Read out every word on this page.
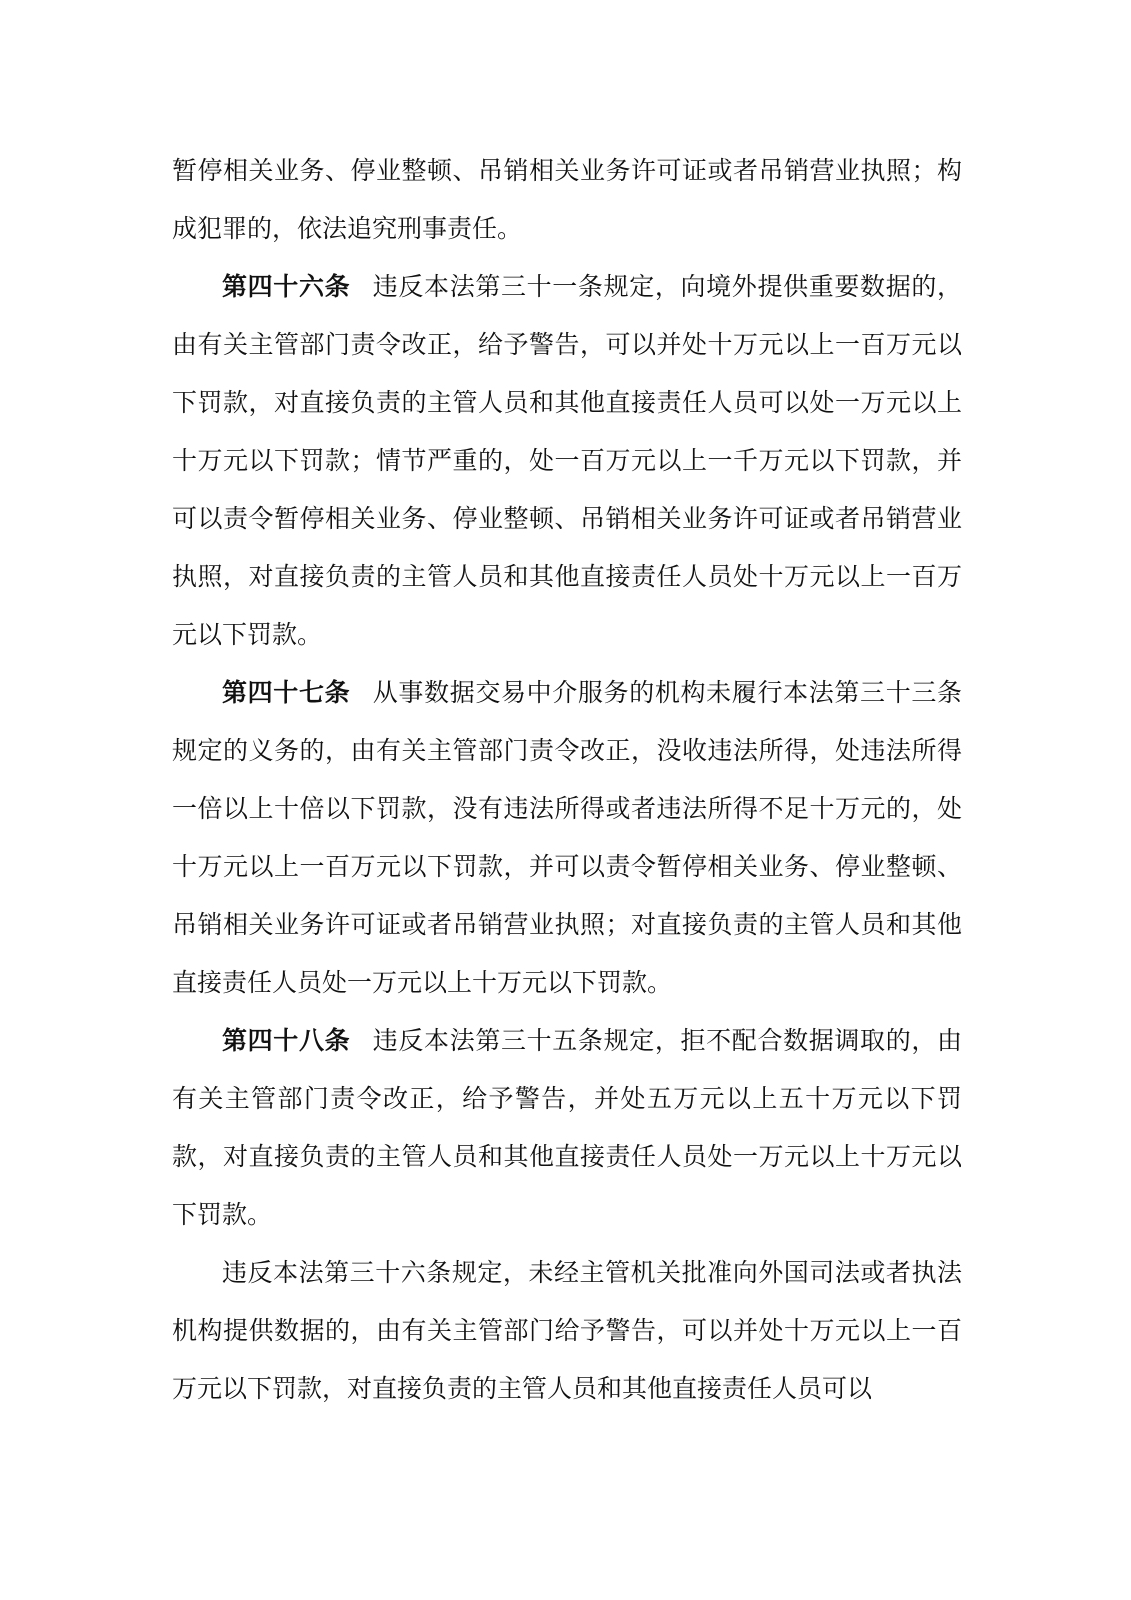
暂停相关业务、停业整顿、吊销相关业务许可证或者吊销营业执照；构成犯罪的，依法追究刑事责任。

第四十六条 违反本法第三十一条规定，向境外提供重要数据的，由有关主管部门责令改正，给予警告，可以并处十万元以上一百万元以下罚款，对直接负责的主管人员和其他直接责任人员可以处一万元以上十万元以下罚款；情节严重的，处一百万元以上一千万元以下罚款，并可以责令暂停相关业务、停业整顿、吊销相关业务许可证或者吊销营业执照，对直接负责的主管人员和其他直接责任人员处十万元以上一百万元以下罚款。

第四十七条 从事数据交易中介服务的机构未履行本法第三十三条规定的义务的，由有关主管部门责令改正，没收违法所得，处违法所得一倍以上十倍以下罚款，没有违法所得或者违法所得不足十万元的，处十万元以上一百万元以下罚款，并可以责令暂停相关业务、停业整顿、吊销相关业务许可证或者吊销营业执照；对直接负责的主管人员和其他直接责任人员处一万元以上十万元以下罚款。

第四十八条 违反本法第三十五条规定，拒不配合数据调取的，由有关主管部门责令改正，给予警告，并处五万元以上五十万元以下罚款，对直接负责的主管人员和其他直接责任人员处一万元以上十万元以下罚款。

违反本法第三十六条规定，未经主管机关批准向外国司法或者执法机构提供数据的，由有关主管部门给予警告，可以并处十万元以上一百万元以下罚款，对直接负责的主管人员和其他直接责任人员可以
